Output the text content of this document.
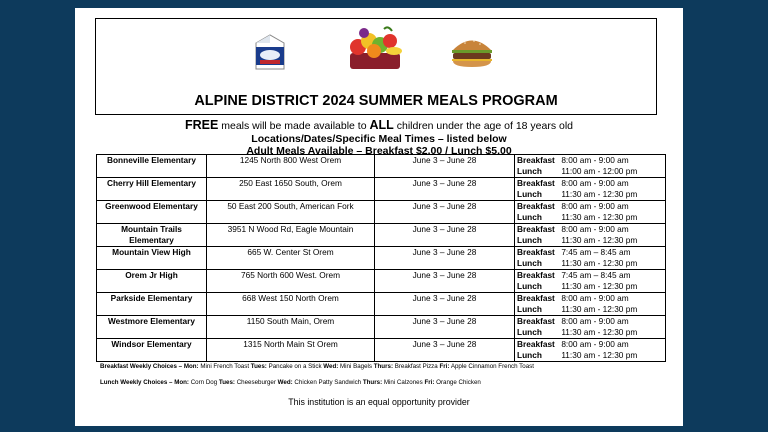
ALPINE DISTRICT 2024 SUMMER MEALS PROGRAM
FREE meals will be made available to ALL children under the age of 18 years old
Locations/Dates/Specific Meal Times – listed below
Adult Meals Available – Breakfast $2.00 / Lunch $5.00
Bonneville Elementary	1245 North 800 West Orem	June 3 – June 28	Breakfast 8:00 am - 9:00 am
Lunch 11:00 am - 12:00 pm

Cherry Hill Elementary	250 East 1650 South, Orem	June 3 – June 28	Breakfast 8:00 am - 9:00 am
Lunch 11:30 am - 12:30 pm

Greenwood Elementary	50 East 200 South, American Fork	June 3 – June 28	Breakfast 8:00 am - 9:00 am
Lunch 11:30 am - 12:30 pm

Mountain Trails Elementary	3951 N Wood Rd, Eagle Mountain	June 3 – June 28	Breakfast 8:00 am - 9:00 am
Lunch 11:30 am - 12:30 pm

Mountain View High	665 W. Center St Orem	June 3 – June 28	Breakfast 7:45 am – 8:45 am
Lunch 11:30 am - 12:30 pm

Orem Jr High	765 North 600 West. Orem	June 3 – June 28	Breakfast 7:45 am – 8:45 am
Lunch 11:30 am - 12:30 pm

Parkside Elementary	668 West 150 North Orem	June 3 – June 28	Breakfast 8:00 am - 9:00 am
Lunch 11:30 am - 12:30 pm

Westmore Elementary	1150 South Main, Orem	June 3 – June 28	Breakfast 8:00 am - 9:00 am
Lunch 11:30 am - 12:30 pm

Windsor Elementary	1315 North Main St Orem	June 3 – June 28	Breakfast 8:00 am - 9:00 am
Lunch 11:30 am - 12:30 pm
Breakfast Weekly Choices – Mon: Mini French Toast Tues: Pancake on a Stick Wed: Mini Bagels Thurs: Breakfast Pizza Fri: Apple Cinnamon French Toast
Lunch Weekly Choices – Mon: Corn Dog Tues: Cheeseburger Wed: Chicken Patty Sandwich Thurs: Mini Calzones Fri: Orange Chicken
This institution is an equal opportunity provider
